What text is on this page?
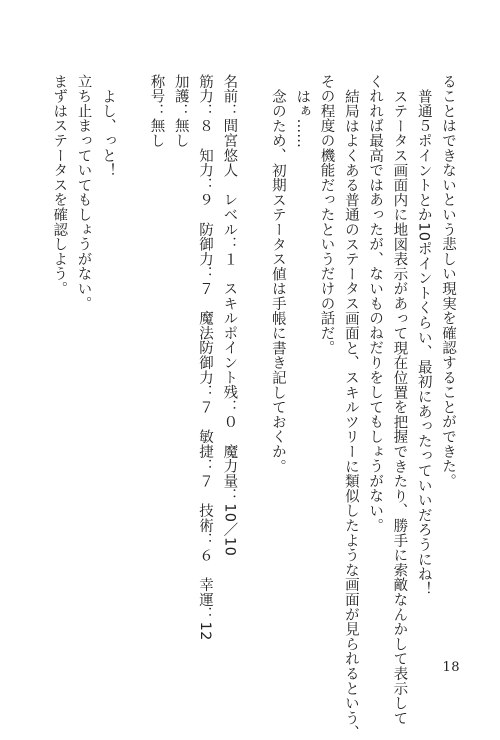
ることはできないという悲しい現実を確認することができた。
普通５ポイントとか10ポイントくらい、最初にあったっていいだろうにね！
ステータス画面内に地図表示があって現在位置を把握できたり、勝手に索敵なんかして表示して
くれれば最高ではあったが、ないものねだりをしてもしょうがない。
結局はよくある普通のステータス画面と、スキルツリーに類似したような画面が見られるという、
その程度の機能だったというだけの話だ。
はぁ……
念のため、初期ステータス値は手帳に書き記しておくか。
名前：間宮悠人　レベル：１　スキルポイント残：０　魔力量：10／10
筋力：８　知力：９　防御力：７　魔法防御力：７　敏捷：７　技術：６　幸運：12
加護：無し
称号：無し
よし、っと！
立ち止まっていてもしょうがない。
まずはステータスを確認しよう。
18
